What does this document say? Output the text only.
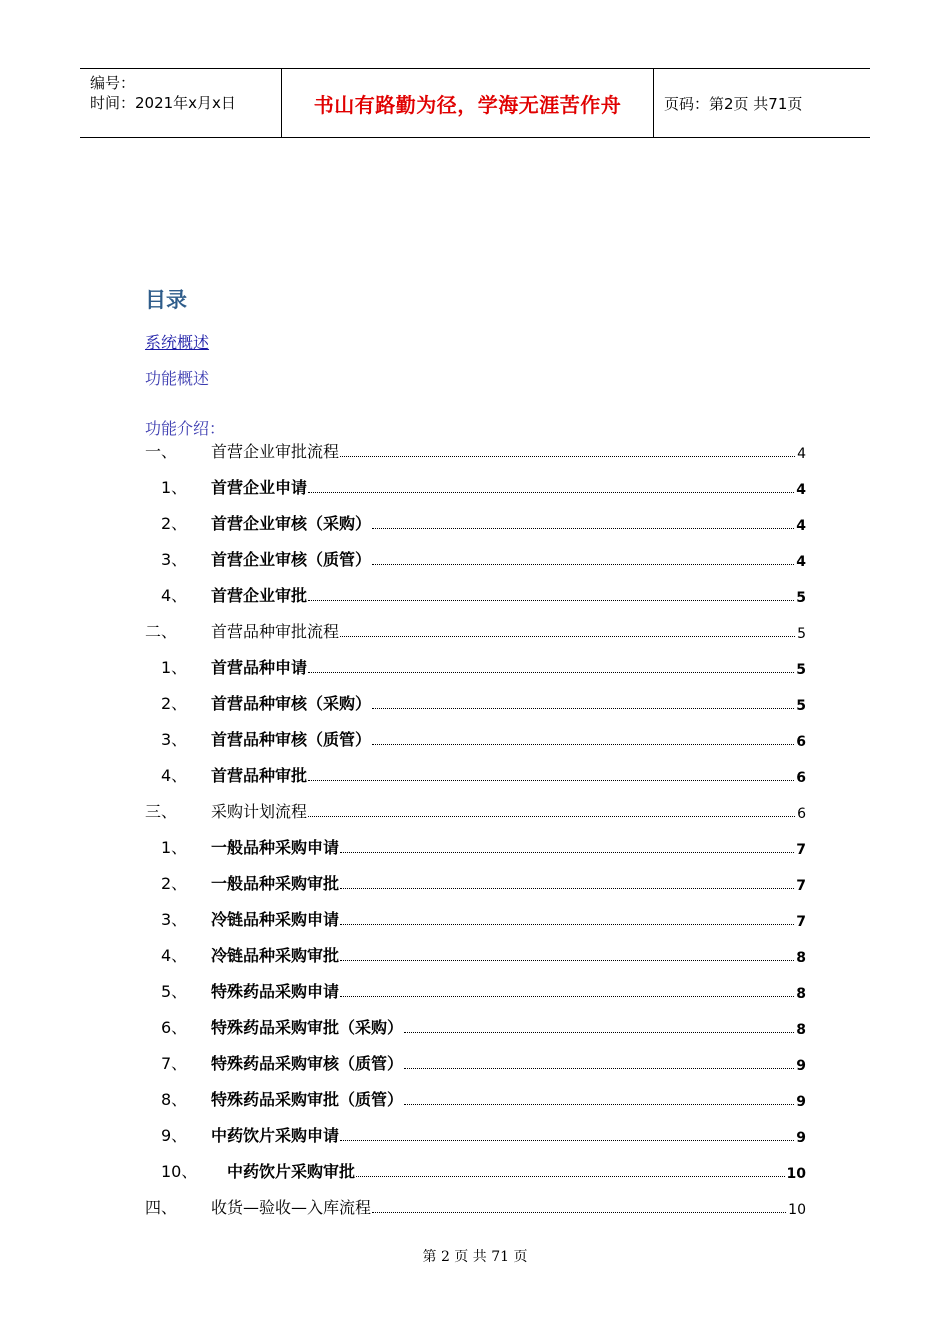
编号：
时间：2021年x月x日	书山有路勤为径，学海无涯苦作舟	页码：第2页 共71页
目录
系统概述
功能概述
功能介绍：
一、	首营企业审批流程	4
1、	首营企业申请	4
2、	首营企业审核（采购）	4
3、	首营企业审核（质管）	4
4、	首营企业审批	5
二、	首营品种审批流程	5
1、	首营品种申请	5
2、	首营品种审核（采购）	5
3、	首营品种审核（质管）	6
4、	首营品种审批	6
三、	采购计划流程	6
1、	一般品种采购申请	7
2、	一般品种采购审批	7
3、	冷链品种采购申请	7
4、	冷链品种采购审批	8
5、	特殊药品采购申请	8
6、	特殊药品采购审批（采购）	8
7、	特殊药品采购审核（质管）	9
8、	特殊药品采购审批（质管）	9
9、	中药饮片采购申请	9
10、	中药饮片采购审批	10
四、	收货—验收—入库流程	10
第 2 页 共 71 页
